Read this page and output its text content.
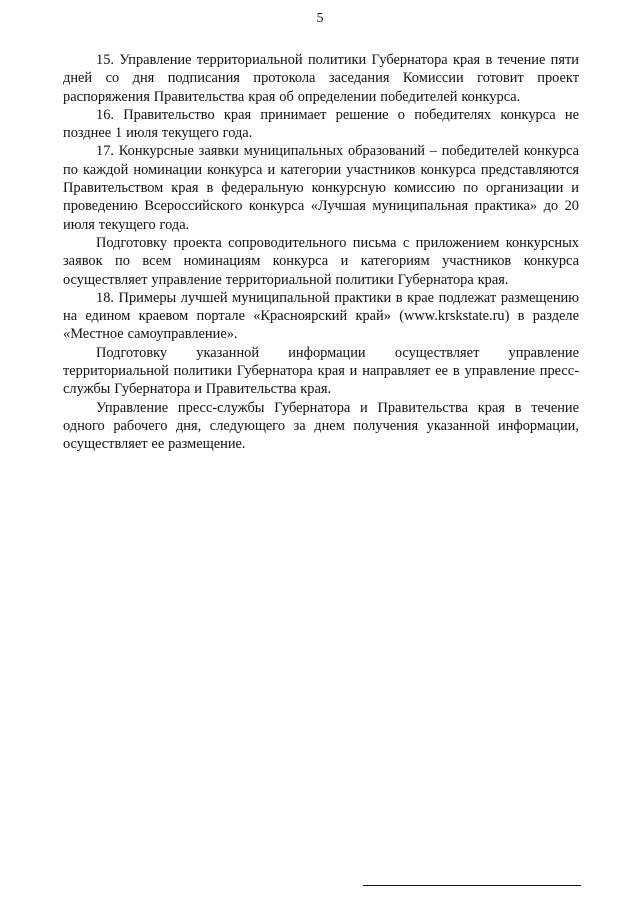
5

15. Управление территориальной политики Губернатора края в течение пяти дней со дня подписания протокола заседания Комиссии готовит проект распоряжения Правительства края об определении победителей конкурса.

16. Правительство края принимает решение о победителях конкурса не позднее 1 июля текущего года.

17. Конкурсные заявки муниципальных образований – победителей конкурса по каждой номинации конкурса и категории участников конкурса представляются Правительством края в федеральную конкурсную комиссию по организации и проведению Всероссийского конкурса «Лучшая муниципальная практика» до 20 июля текущего года.

Подготовку проекта сопроводительного письма с приложением конкурсных заявок по всем номинациям конкурса и категориям участников конкурса осуществляет управление территориальной политики Губернатора края.

18. Примеры лучшей муниципальной практики в крае подлежат размещению на едином краевом портале «Красноярский край» (www.krskstate.ru) в разделе «Местное самоуправление».

Подготовку указанной информации осуществляет управление территориальной политики Губернатора края и направляет ее в управление пресс-службы Губернатора и Правительства края.

Управление пресс-службы Губернатора и Правительства края в течение одного рабочего дня, следующего за днем получения указанной информации, осуществляет ее размещение.
